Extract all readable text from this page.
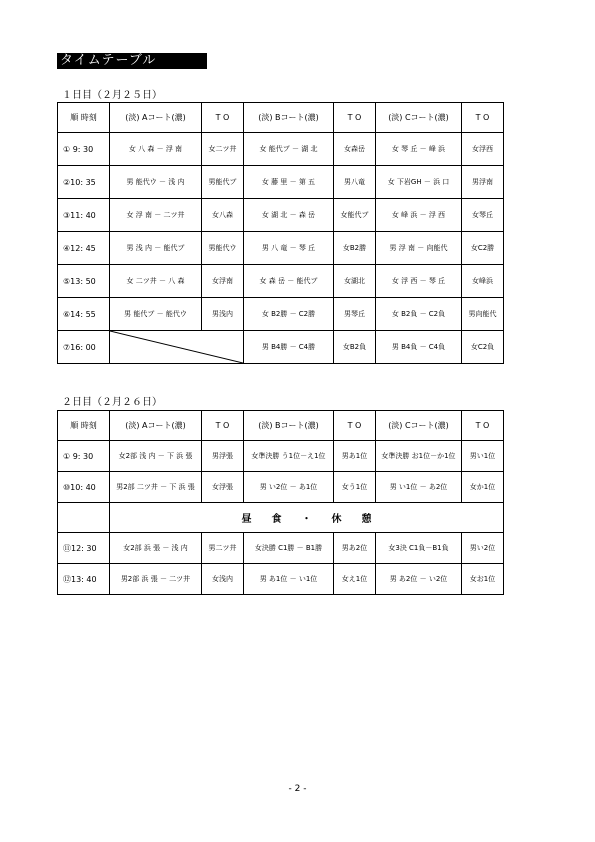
タイムテーブル
１日目（２月２５日）
順 時刻	(淡) Aコート(濃)	T O	(淡) Bコート(濃)	T O	(淡) Cコート(濃)	T O
① 9: 30	女 八 森 － 浮 南	女二ツ井	女 能代ブ － 湖 北	女森岳	女 琴 丘 － 峰 浜	女浮西
②10: 35	男 能代ウ － 浅 内	男能代ブ	女 藤 里 － 第 五	男八竜	女 下岩GH － 浜 口	男浮南
③11: 40	女 浮 南 － 二ツ井	女八森	女 湖 北 － 森 岳	女能代ブ	女 峰 浜 － 浮 西	女琴丘
④12: 45	男 浅 内 － 能代ブ	男能代ウ	男 八 竜 － 琴 丘	女B2勝	男 浮 南 － 向能代	女C2勝
⑤13: 50	女 二ツ井 － 八 森	女浮南	女 森 岳 － 能代ブ	女湖北	女 浮 西 － 琴 丘	女峰浜
⑥14: 55	男 能代ブ － 能代ウ	男浅内	女 B2勝 － C2勝	男琴丘	女 B2負 － C2負	男向能代
⑦16: 00			男 B4勝 － C4勝	女B2負	男 B4負 － C4負	女C2負
２日目（２月２６日）
順 時刻	(淡) Aコート(濃)	T O	(淡) Bコート(濃)	T O	(淡) Cコート(濃)	T O
① 9: 30	女2部 浅 内 － 下 浜 張	男浮張	女準決勝 う1位－え1位	男あ1位	女準決勝 お1位－か1位	男い1位
⑩10: 40	男2部 二ツ井 － 下 浜 張	女浮張	男 い2位 － あ1位	女う1位	男 い1位 － あ2位	女か1位
	昼　　食　　・　　休　　憩					
⑪12: 30	女2部 浜 張 － 浅 内	男二ツ井	女決勝 C1勝 － B1勝	男あ2位	女3決 C1負－B1負	男い2位
⑫13: 40	男2部 浜 張 － 二ツ井	女浅内	男 あ1位 － い1位	女え1位	男 あ2位 － い2位	女お1位
- 2 -
